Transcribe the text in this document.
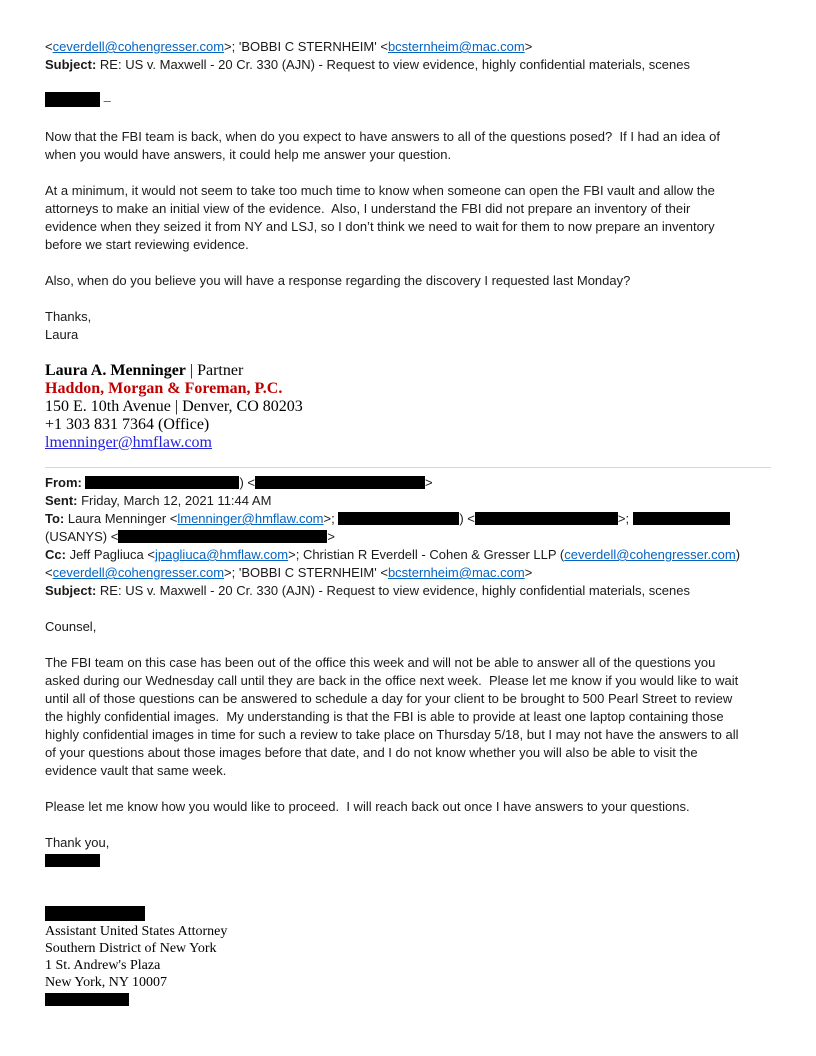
<ceverdell@cohengresser.com>; 'BOBBI C STERNHEIM' <bcsternheim@mac.com>
Subject: RE: US v. Maxwell - 20 Cr. 330 (AJN) - Request to view evidence, highly confidential materials, scenes
–
Now that the FBI team is back, when do you expect to have answers to all of the questions posed?  If I had an idea of
when you would have answers, it could help me answer your question.
At a minimum, it would not seem to take too much time to know when someone can open the FBI vault and allow the
attorneys to make an initial view of the evidence.  Also, I understand the FBI did not prepare an inventory of their
evidence when they seized it from NY and LSJ, so I don’t think we need to wait for them to now prepare an inventory
before we start reviewing evidence.
Also, when do you believe you will have a response regarding the discovery I requested last Monday?
Thanks,
Laura
Laura A. Menninger | Partner
Haddon, Morgan & Foreman, P.C.
150 E. 10th Avenue | Denver, CO 80203
+1 303 831 7364 (Office)
lmenninger@hmflaw.com
From:	) <	>
Sent: Friday, March 12, 2021 11:44 AM
To: Laura Menninger <lmenninger@hmflaw.com>;	) <	>;
(USANYS) <	>
Cc: Jeff Pagliuca <jpagliuca@hmflaw.com>; Christian R Everdell - Cohen & Gresser LLP (ceverdell@cohengresser.com)
<ceverdell@cohengresser.com>; 'BOBBI C STERNHEIM' <bcsternheim@mac.com>
Subject: RE: US v. Maxwell - 20 Cr. 330 (AJN) - Request to view evidence, highly confidential materials, scenes
Counsel,
The FBI team on this case has been out of the office this week and will not be able to answer all of the questions you
asked during our Wednesday call until they are back in the office next week.  Please let me know if you would like to wait
until all of those questions can be answered to schedule a day for your client to be brought to 500 Pearl Street to review
the highly confidential images.  My understanding is that the FBI is able to provide at least one laptop containing those
highly confidential images in time for such a review to take place on Thursday 5/18, but I may not have the answers to all
of your questions about those images before that date, and I do not know whether you will also be able to visit the
evidence vault that same week.
Please let me know how you would like to proceed.  I will reach back out once I have answers to your questions.
Thank you,
Assistant United States Attorney
Southern District of New York
1 St. Andrew's Plaza
New York, NY 10007
